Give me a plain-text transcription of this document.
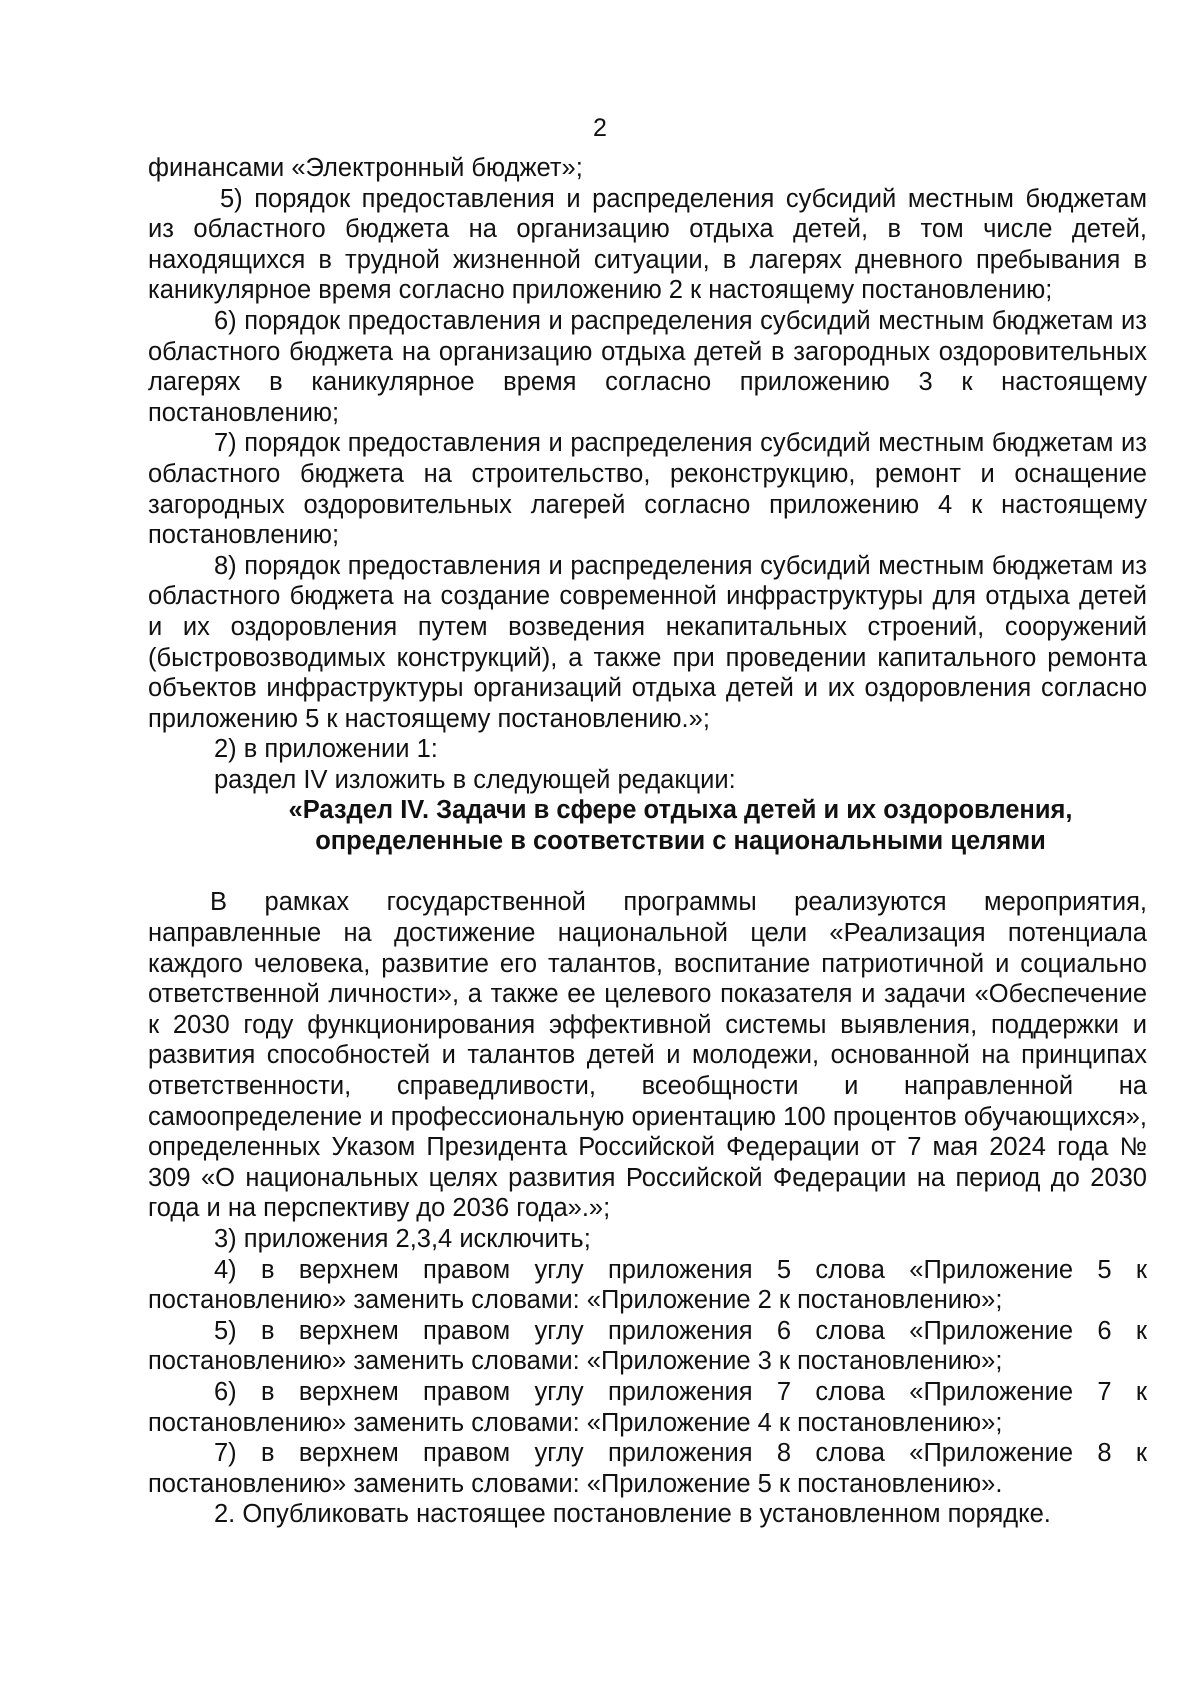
2

финансами «Электронный бюджет»;

5) порядок предоставления и распределения субсидий местным бюджетам из областного бюджета на организацию отдыха детей, в том числе детей, находящихся в трудной жизненной ситуации, в лагерях дневного пребывания в каникулярное время согласно приложению 2 к настоящему постановлению;

6) порядок предоставления и распределения субсидий местным бюджетам из областного бюджета на организацию отдыха детей в загородных оздоровительных лагерях в каникулярное время согласно приложению 3 к настоящему постановлению;

7) порядок предоставления и распределения субсидий местным бюджетам из областного бюджета на строительство, реконструкцию, ремонт и оснащение загородных оздоровительных лагерей согласно приложению 4 к настоящему постановлению;

8) порядок предоставления и распределения субсидий местным бюджетам из областного бюджета на создание современной инфраструктуры для отдыха детей и их оздоровления путем возведения некапитальных строений, сооружений (быстровозводимых конструкций), а также при проведении капитального ремонта объектов инфраструктуры организаций отдыха детей и их оздоровления согласно приложению 5 к настоящему постановлению.»;

2) в приложении 1:

раздел IV изложить в следующей редакции:

«Раздел IV. Задачи в сфере отдыха детей и их оздоровления,

определенные в соответствии с национальными целями

В рамках государственной программы реализуются мероприятия, направленные на достижение национальной цели «Реализация потенциала каждого человека, развитие его талантов, воспитание патриотичной и социально ответственной личности», а также ее целевого показателя и задачи «Обеспечение к 2030 году функционирования эффективной системы выявления, поддержки и развития способностей и талантов детей и молодежи, основанной на принципах ответственности, справедливости, всеобщности и направленной на самоопределение и профессиональную ориентацию 100 процентов обучающихся», определенных Указом Президента Российской Федерации от 7 мая 2024 года № 309 «О национальных целях развития Российской Федерации на период до 2030 года и на перспективу до 2036 года».»;

3) приложения 2,3,4 исключить;

4) в верхнем правом углу приложения 5 слова «Приложение 5 к постановлению» заменить словами: «Приложение 2 к постановлению»;

5) в верхнем правом углу приложения 6 слова «Приложение 6 к постановлению» заменить словами: «Приложение 3 к постановлению»;

6) в верхнем правом углу приложения 7 слова «Приложение 7 к постановлению» заменить словами: «Приложение 4 к постановлению»;

7) в верхнем правом углу приложения 8 слова «Приложение 8 к постановлению» заменить словами: «Приложение 5 к постановлению».

2. Опубликовать настоящее постановление в установленном порядке.
